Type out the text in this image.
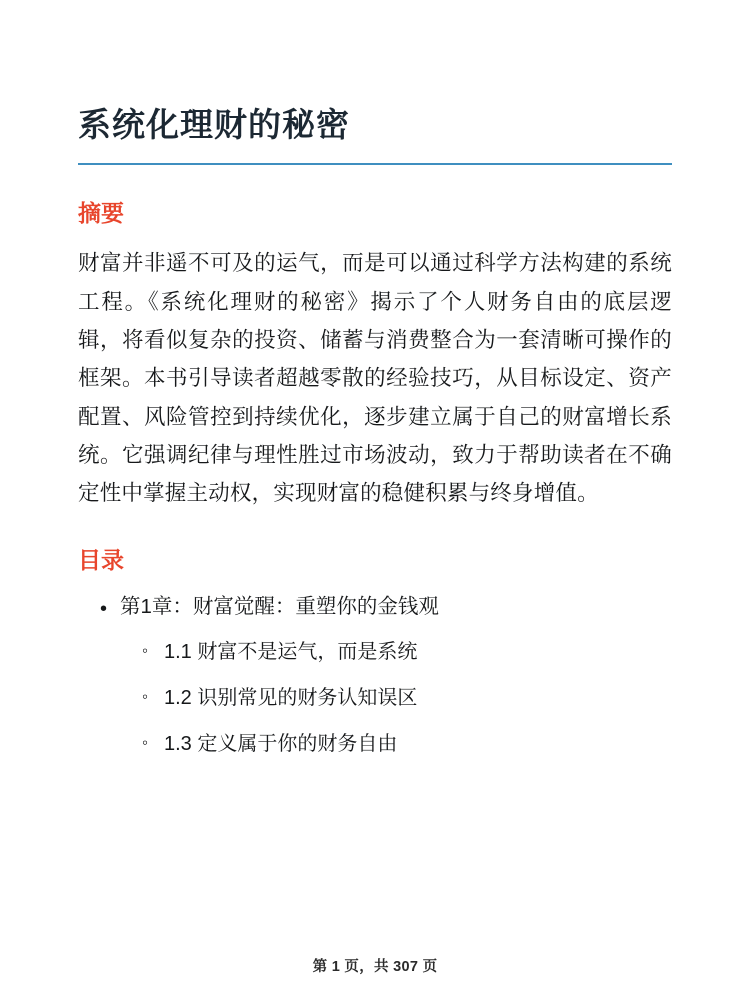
系统化理财的秘密
摘要

财富并非遥不可及的运气，而是可以通过科学方法构建的系统工程。《系统化理财的秘密》揭示了个人财务自由的底层逻辑，将看似复杂的投资、储蓄与消费整合为一套清晰可操作的框架。本书引导读者超越零散的经验技巧，从目标设定、资产配置、风险管控到持续优化，逐步建立属于自己的财富增长系统。它强调纪律与理性胜过市场波动，致力于帮助读者在不确定性中掌握主动权，实现财富的稳健积累与终身增值。

目录
• 第1章：财富觉醒：重塑你的金钱观
◦ 1.1 财富不是运气，而是系统
◦ 1.2 识别常见的财务认知误区
◦ 1.3 定义属于你的财务自由
第 1 页，共 307 页
